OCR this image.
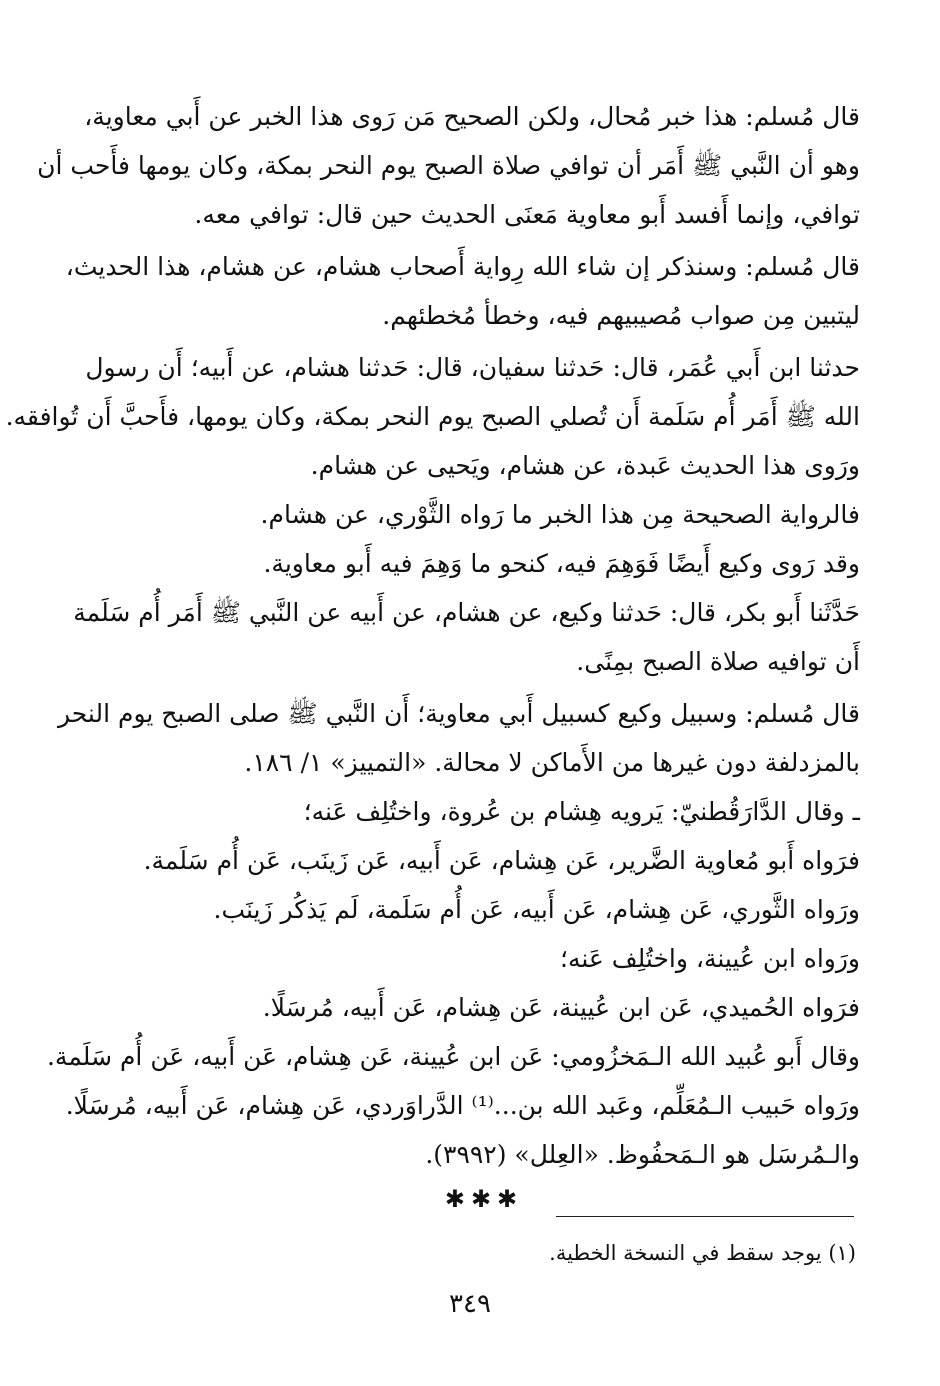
قال مُسلم: هذا خبر مُحال، ولكن الصحيح مَن رَوى هذا الخبر عن أَبي معاوية،
وهو أن النَّبي ﷺ أَمَر أن توافي صلاة الصبح يوم النحر بمكة، وكان يومها فأَحب أن
توافي، وإنما أَفسد أَبو معاوية مَعنَى الحديث حين قال: توافي معه.
قال مُسلم: وسنذكر إن شاء الله رِواية أَصحاب هشام، عن هشام، هذا الحديث،
ليتبين مِن صواب مُصيبيهم فيه، وخطأ مُخطئهم.
حدثنا ابن أَبي عُمَر، قال: حَدثنا سفيان، قال: حَدثنا هشام، عن أَبيه؛ أَن رسول
الله ﷺ أَمَر أُم سَلَمة أَن تُصلي الصبح يوم النحر بمكة، وكان يومها، فأَحبَّ أَن تُوافقه.
ورَوى هذا الحديث عَبدة، عن هشام، ويَحيى عن هشام.
فالرواية الصحيحة مِن هذا الخبر ما رَواه الثَّوْري، عن هشام.
وقد رَوى وكيع أَيضًا فَوَهِمَ فيه، كنحو ما وَهِمَ فيه أَبو معاوية.
حَدَّثَنا أَبو بكر، قال: حَدثنا وكيع، عن هشام، عن أَبيه عن النَّبي ﷺ أَمَر أُم سَلَمة
أَن توافيه صلاة الصبح بمِنًى.
قال مُسلم: وسبيل وكيع كسبيل أَبي معاوية؛ أَن النَّبي ﷺ صلى الصبح يوم النحر
بالمزدلفة دون غيرها من الأَماكن لا محالة. «التمييز» ١/ ١٨٦.
ـ وقال الدَّارَقُطنيّ: يَرويه هِشام بن عُروة، واختُلِف عَنه؛
فرَواه أَبو مُعاوية الضَّرير، عَن هِشام، عَن أَبيه، عَن زَينَب، عَن أُم سَلَمة.
ورَواه الثَّوري، عَن هِشام، عَن أَبيه، عَن أُم سَلَمة، لَم يَذكُر زَينَب.
ورَواه ابن عُيينة، واختُلِف عَنه؛
فرَواه الحُميدي، عَن ابن عُيينة، عَن هِشام، عَن أَبيه، مُرسَلًا.
وقال أَبو عُبيد الله الـمَخزُومي: عَن ابن عُيينة، عَن هِشام، عَن أَبيه، عَن أُم سَلَمة.
ورَواه حَبيب الـمُعَلِّم، وعَبد الله بن...⁽¹⁾ الدَّراوَردي، عَن هِشام، عَن أَبيه، مُرسَلًا.
والـمُرسَل هو الـمَحفُوظ. «العِلل» (٣٩٩٢).
✱✱✱
(١) يوجد سقط في النسخة الخطية.
٣٤٩
